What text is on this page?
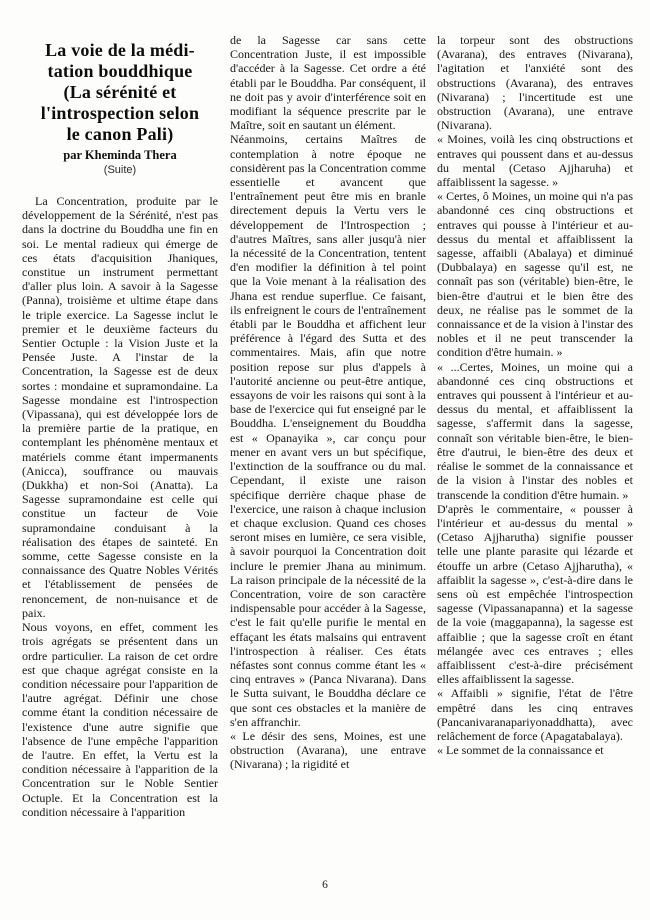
La voie de la médi-
tation bouddhique
(La sérénité et
l'introspection selon
le canon Pali)
par Kheminda Thera
(Suite)

La Concentration, produite par le développement de la Sérénité, n'est pas dans la doctrine du Bouddha une fin en soi. Le mental radieux qui émerge de ces états d'acquisition Jhaniques, constitue un instrument permettant d'aller plus loin. A savoir à la Sagesse (Panna), troisième et ultime étape dans le triple exercice. La Sagesse inclut le premier et le deuxième facteurs du Sentier Octuple : la Vision Juste et la Pensée Juste. A l'instar de la Concentration, la Sagesse est de deux sortes : mondaine et supramondaine. La Sagesse mondaine est l'introspection (Vipassana), qui est développée lors de la première partie de la pratique, en contemplant les phénomène mentaux et matériels comme étant impermanents (Anicca), souffrance ou mauvais (Dukkha) et non-Soi (Anatta). La Sagesse supramondaine est celle qui constitue un facteur de Voie supramondaine conduisant à la réalisation des étapes de sainteté. En somme, cette Sagesse consiste en la connaissance des Quatre Nobles Vérités et l'établissement de pensées de renoncement, de non-nuisance et de paix.

Nous voyons, en effet, comment les trois agrégats se présentent dans un ordre particulier. La raison de cet ordre est que chaque agrégat consiste en la condition nécessaire pour l'apparition de l'autre agrégat. Définir une chose comme étant la condition nécessaire de l'existence d'une autre signifie que l'absence de l'une empêche l'apparition de l'autre. En effet, la Vertu est la condition nécessaire à l'apparition de la Concentration sur le Noble Sentier Octuple. Et la Concentration est la condition nécessaire à l'apparition

de la Sagesse car sans cette Concentration Juste, il est impossible d'accéder à la Sagesse. Cet ordre a été établi par le Bouddha. Par conséquent, il ne doit pas y avoir d'interférence soit en modifiant la séquence prescrite par le Maître, soit en sautant un élément.

Néanmoins, certains Maîtres de contemplation à notre époque ne considèrent pas la Concentration comme essentielle et avancent que l'entraînement peut être mis en branle directement depuis la Vertu vers le développement de l'Introspection ; d'autres Maîtres, sans aller jusqu'à nier la nécessité de la Concentration, tentent d'en modifier la définition à tel point que la Voie menant à la réalisation des Jhana est rendue superflue. Ce faisant, ils enfreignent le cours de l'entraînement établi par le Bouddha et affichent leur préférence à l'égard des Sutta et des commentaires. Mais, afin que notre position repose sur plus d'appels à l'autorité ancienne ou peut-être antique, essayons de voir les raisons qui sont à la base de l'exercice qui fut enseigné par le Bouddha. L'enseignement du Bouddha est « Opanayika », car conçu pour mener en avant vers un but spécifique, l'extinction de la souffrance ou du mal. Cependant, il existe une raison spécifique derrière chaque phase de l'exercice, une raison à chaque inclusion et chaque exclusion. Quand ces choses seront mises en lumière, ce sera visible, à savoir pourquoi la Concentration doit inclure le premier Jhana au minimum. La raison principale de la nécessité de la Concentration, voire de son caractère indispensable pour accéder à la Sagesse, c'est le fait qu'elle purifie le mental en effaçant les états malsains qui entravent l'introspection à réaliser. Ces états néfastes sont connus comme étant les « cinq entraves » (Panca Nivarana). Dans le Sutta suivant, le Bouddha déclare ce que sont ces obstacles et la manière de s'en affranchir.

« Le désir des sens, Moines, est une obstruction (Avarana), une entrave (Nivarana) ; la rigidité et

la torpeur sont des obstructions (Avarana), des entraves (Nivarana), l'agitation et l'anxiété sont des obstructions (Avarana), des entraves (Nivarana) ; l'incertitude est une obstruction (Avarana), une entrave (Nivarana).

« Moines, voilà les cinq obstructions et entraves qui poussent dans et au-dessus du mental (Cetaso Ajjharuha) et affaiblissent la sagesse. »

« Certes, ô Moines, un moine qui n'a pas abandonné ces cinq obstructions et entraves qui pousse à l'intérieur et au-dessus du mental et affaiblissent la sagesse, affaibli (Abalaya) et diminué (Dubbalaya) en sagesse qu'il est, ne connaît pas son (véritable) bien-être, le bien-être d'autrui et le bien être des deux, ne réalise pas le sommet de la connaissance et de la vision à l'instar des nobles et il ne peut transcender la condition d'être humain. »

« ...Certes, Moines, un moine qui a abandonné ces cinq obstructions et entraves qui poussent à l'intérieur et au-dessus du mental, et affaiblissent la sagesse, s'affermit dans la sagesse, connaît son véritable bien-être, le bien-être d'autrui, le bien-être des deux et réalise le sommet de la connaissance et de la vision à l'instar des nobles et transcende la condition d'être humain. »

D'après le commentaire, « pousser à l'intérieur et au-dessus du mental » (Cetaso Ajjharutha) signifie pousser telle une plante parasite qui lézarde et étouffe un arbre (Cetaso Ajjharutha), « affaiblit la sagesse », c'est-à-dire dans le sens où est empêchée l'introspection sagesse (Vipassanapanna) et la sagesse de la voie (maggapanna), la sagesse est affaiblie ; que la sagesse croît en étant mélangée avec ces entraves ; elles affaiblissent c'est-à-dire précisément elles affaiblissent la sagesse.

« Affaibli » signifie, l'état de l'être empêtré dans les cinq entraves (Pancanivaranapariyonaddhatta), avec relâchement de force (Apagatabalaya).

« Le sommet de la connaissance et

6
